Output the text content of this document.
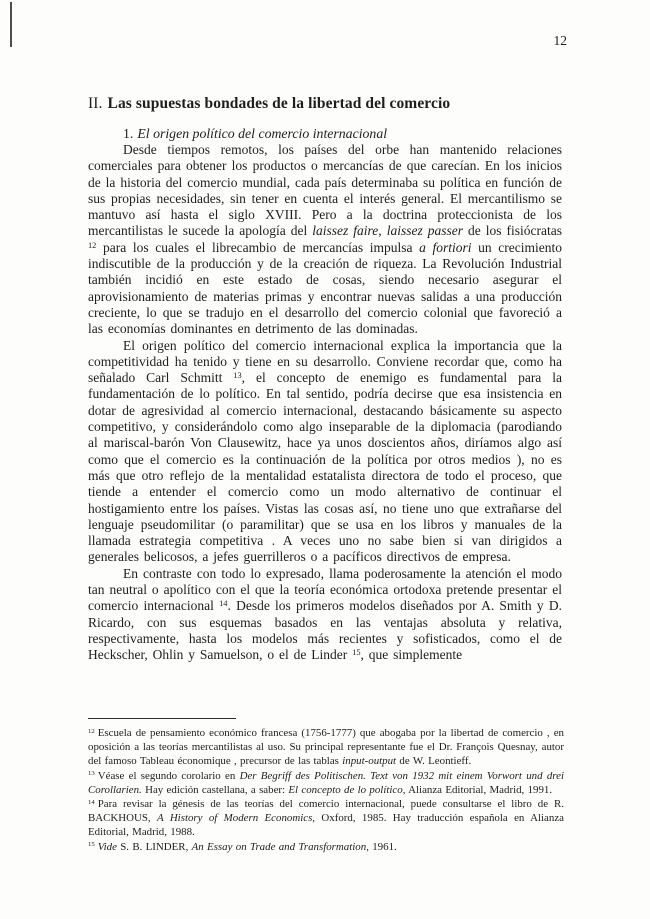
12
II. Las supuestas bondades de la libertad del comercio
1. El origen político del comercio internacional

Desde tiempos remotos, los países del orbe han mantenido relaciones comerciales para obtener los productos o mercancías de que carecían. En los inicios de la historia del comercio mundial, cada país determinaba su política en función de sus propias necesidades, sin tener en cuenta el interés general. El mercantilismo se mantuvo así hasta el siglo XVIII. Pero a la doctrina proteccionista de los mercantilistas le sucede la apología del laissez faire, laissez passer de los fisiócratas $^{12}$ para los cuales el librecambio de mercancías impulsa a fortiori un crecimiento indiscutible de la producción y de la creación de riqueza. La Revolución Industrial también incidió en este estado de cosas, siendo necesario asegurar el aprovisionamiento de materias primas y encontrar nuevas salidas a una producción creciente, lo que se tradujo en el desarrollo del comercio colonial que favoreció a las economías dominantes en detrimento de las dominadas.

El origen político del comercio internacional explica la importancia que la competitividad ha tenido y tiene en su desarrollo. Conviene recordar que, como ha señalado Carl Schmitt $^{13}$, el concepto de enemigo es fundamental para la fundamentación de lo político. En tal sentido, podría decirse que esa insistencia en dotar de agresividad al comercio internacional, destacando básicamente su aspecto competitivo, y considerándolo como algo inseparable de la diplomacia (parodiando al mariscal-barón Von Clausewitz, hace ya unos doscientos años, diríamos algo así como que el comercio es la continuación de la política por otros medios ), no es más que otro reflejo de la mentalidad estatalista directora de todo el proceso, que tiende a entender el comercio como un modo alternativo de continuar el hostigamiento entre los países. Vistas las cosas así, no tiene uno que extrañarse del lenguaje pseudomilitar (o paramilitar) que se usa en los libros y manuales de la llamada estrategia competitiva . A veces uno no sabe bien si van dirigidos a generales belicosos, a jefes guerrilleros o a pacíficos directivos de empresa.

En contraste con todo lo expresado, llama poderosamente la atención el modo tan neutral o apolítico con el que la teoría económica ortodoxa pretende presentar el comercio internacional $^{14}$. Desde los primeros modelos diseñados por A. Smith y D. Ricardo, con sus esquemas basados en las ventajas absoluta y relativa, respectivamente, hasta los modelos más recientes y sofisticados, como el de Heckscher, Ohlin y Samuelson, o el de Linder $^{15}$, que simplemente

$^{12}$ Escuela de pensamiento económico francesa (1756-1777) que abogaba por la libertad de comercio , en oposición a las teorías mercantilistas al uso. Su principal representante fue el Dr. François Quesnay, autor del famoso Tableau économique , precursor de las tablas input-output de W. Leontieff.

$^{13}$ Véase el segundo corolario en Der Begriff des Politischen. Text von 1932 mit einem Vorwort und drei Corollarien. Hay edición castellana, a saber: El concepto de lo político, Alianza Editorial, Madrid, 1991.

$^{14}$ Para revisar la génesis de las teorías del comercio internacional, puede consultarse el libro de R. BACKHOUS, A History of Modern Economics, Oxford, 1985. Hay traducción española en Alianza Editorial, Madrid, 1988.

$^{15}$ Vide S. B. LINDER, An Essay on Trade and Transformation, 1961.
